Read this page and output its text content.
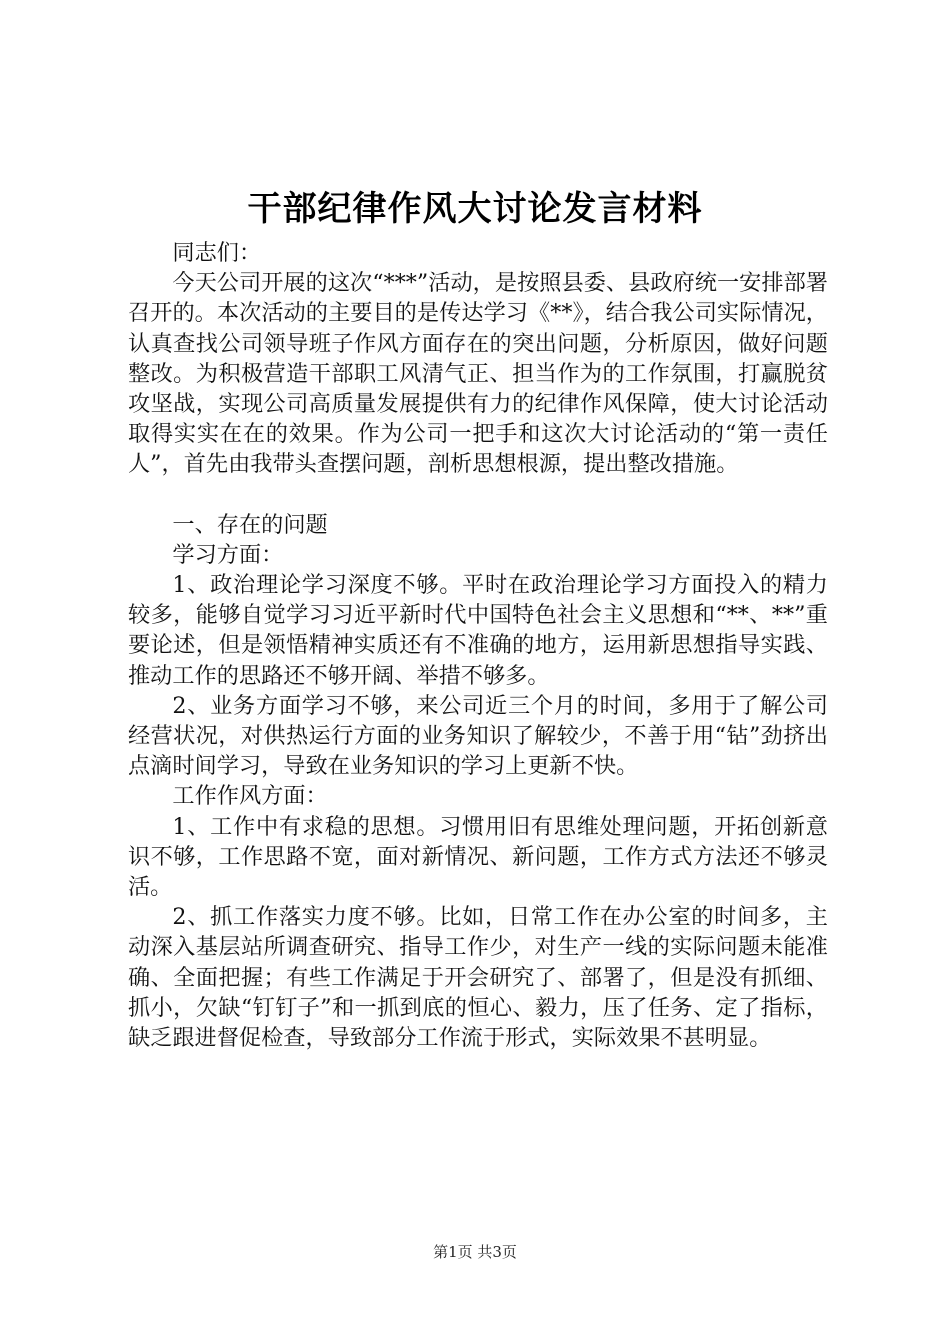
干部纪律作风大讨论发言材料

同志们：

今天公司开展的这次“***”活动，是按照县委、县政府统一安排部署召开的。本次活动的主要目的是传达学习《**》，结合我公司实际情况，认真查找公司领导班子作风方面存在的突出问题，分析原因，做好问题整改。为积极营造干部职工风清气正、担当作为的工作氛围，打赢脱贫攻坚战，实现公司高质量发展提供有力的纪律作风保障，使大讨论活动取得实实在在的效果。作为公司一把手和这次大讨论活动的“第一责任人”，首先由我带头查摆问题，剖析思想根源，提出整改措施。

一、存在的问题

学习方面：

1、政治理论学习深度不够。平时在政治理论学习方面投入的精力较多，能够自觉学习习近平新时代中国特色社会主义思想和“**、**”重要论述，但是领悟精神实质还有不准确的地方，运用新思想指导实践、推动工作的思路还不够开阔、举措不够多。

2、业务方面学习不够，来公司近三个月的时间，多用于了解公司经营状况，对供热运行方面的业务知识了解较少，不善于用“钻”劲挤出点滴时间学习，导致在业务知识的学习上更新不快。

工作作风方面：

1、工作中有求稳的思想。习惯用旧有思维处理问题，开拓创新意识不够，工作思路不宽，面对新情况、新问题，工作方式方法还不够灵活。

2、抓工作落实力度不够。比如，日常工作在办公室的时间多，主动深入基层站所调查研究、指导工作少，对生产一线的实际问题未能准确、全面把握；有些工作满足于开会研究了、部署了，但是没有抓细、抓小，欠缺“钉钉子”和一抓到底的恒心、毅力，压了任务、定了指标，缺乏跟进督促检查，导致部分工作流于形式，实际效果不甚明显。

第1页 共3页
